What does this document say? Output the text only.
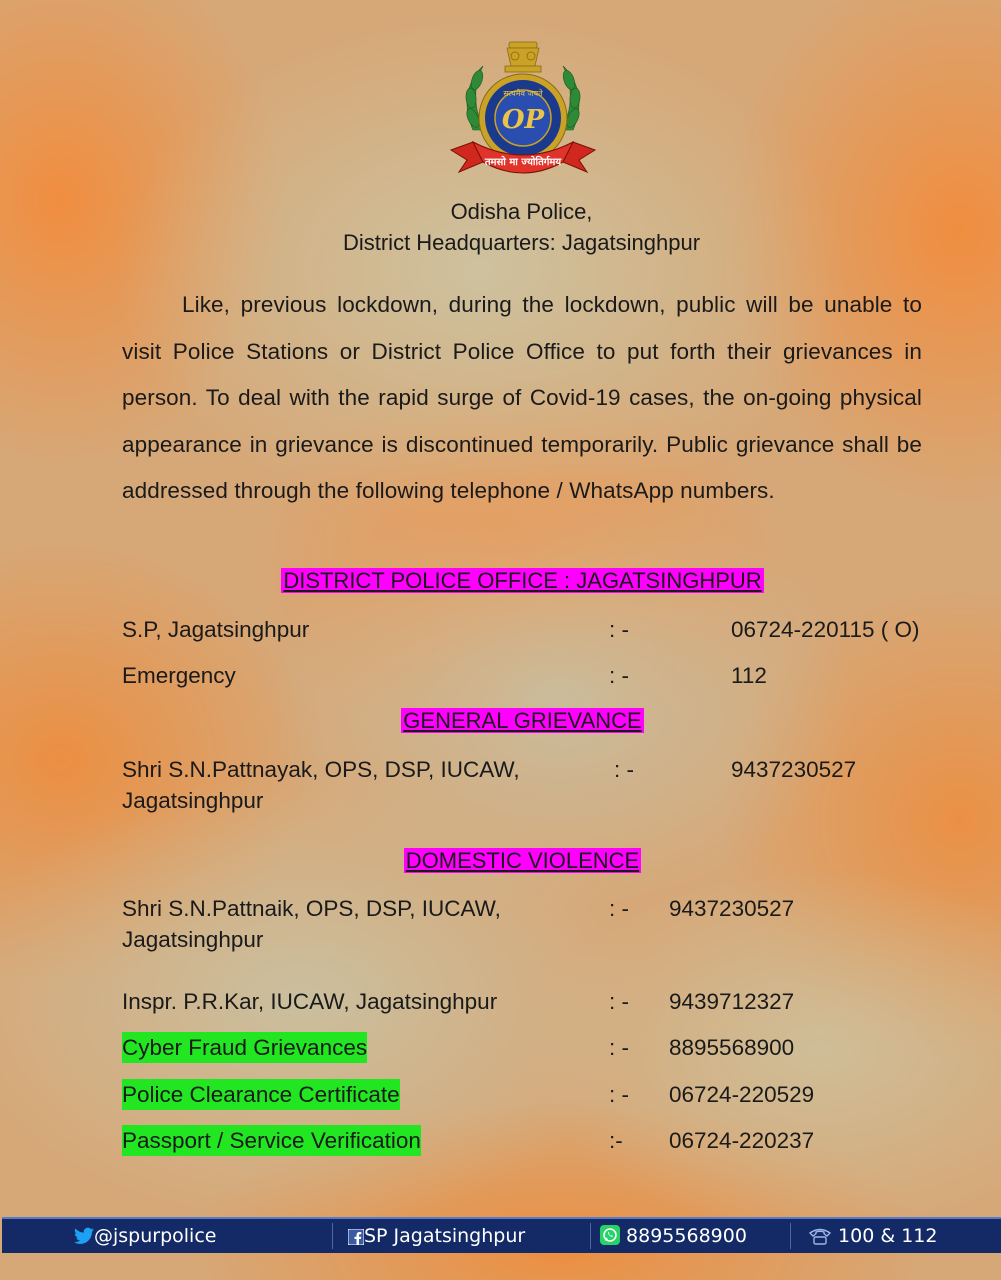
सत्यमेव जयते
OP
तमसो मा ज्योतिर्गमय
Odisha Police,
District Headquarters: Jagatsinghpur
Like, previous lockdown, during the lockdown, public will be unable to visit Police Stations or District Police Office to put forth their grievances in person. To deal with the rapid surge of Covid-19 cases, the on-going physical appearance in grievance is discontinued temporarily. Public grievance shall be addressed through the following telephone / WhatsApp numbers.
DISTRICT POLICE OFFICE : JAGATSINGHPUR
S.P, Jagatsinghpur	: -	06724-220115 ( O)
Emergency	: -	112
GENERAL GRIEVANCE
Shri S.N.Pattnayak, OPS, DSP, IUCAW,
Jagatsinghpur
: -	9437230527
DOMESTIC VIOLENCE
Shri S.N.Pattnaik, OPS, DSP, IUCAW,
Jagatsinghpur
: - 9437230527
Inspr. P.R.Kar, IUCAW, Jagatsinghpur	: - 9439712327
Cyber Fraud Grievances	: - 8895568900
Police Clearance Certificate	: - 06724-220529
Passport / Service Verification	:- 06724-220237
@jspurpolice	SP Jagatsinghpur	8895568900	100 & 112
